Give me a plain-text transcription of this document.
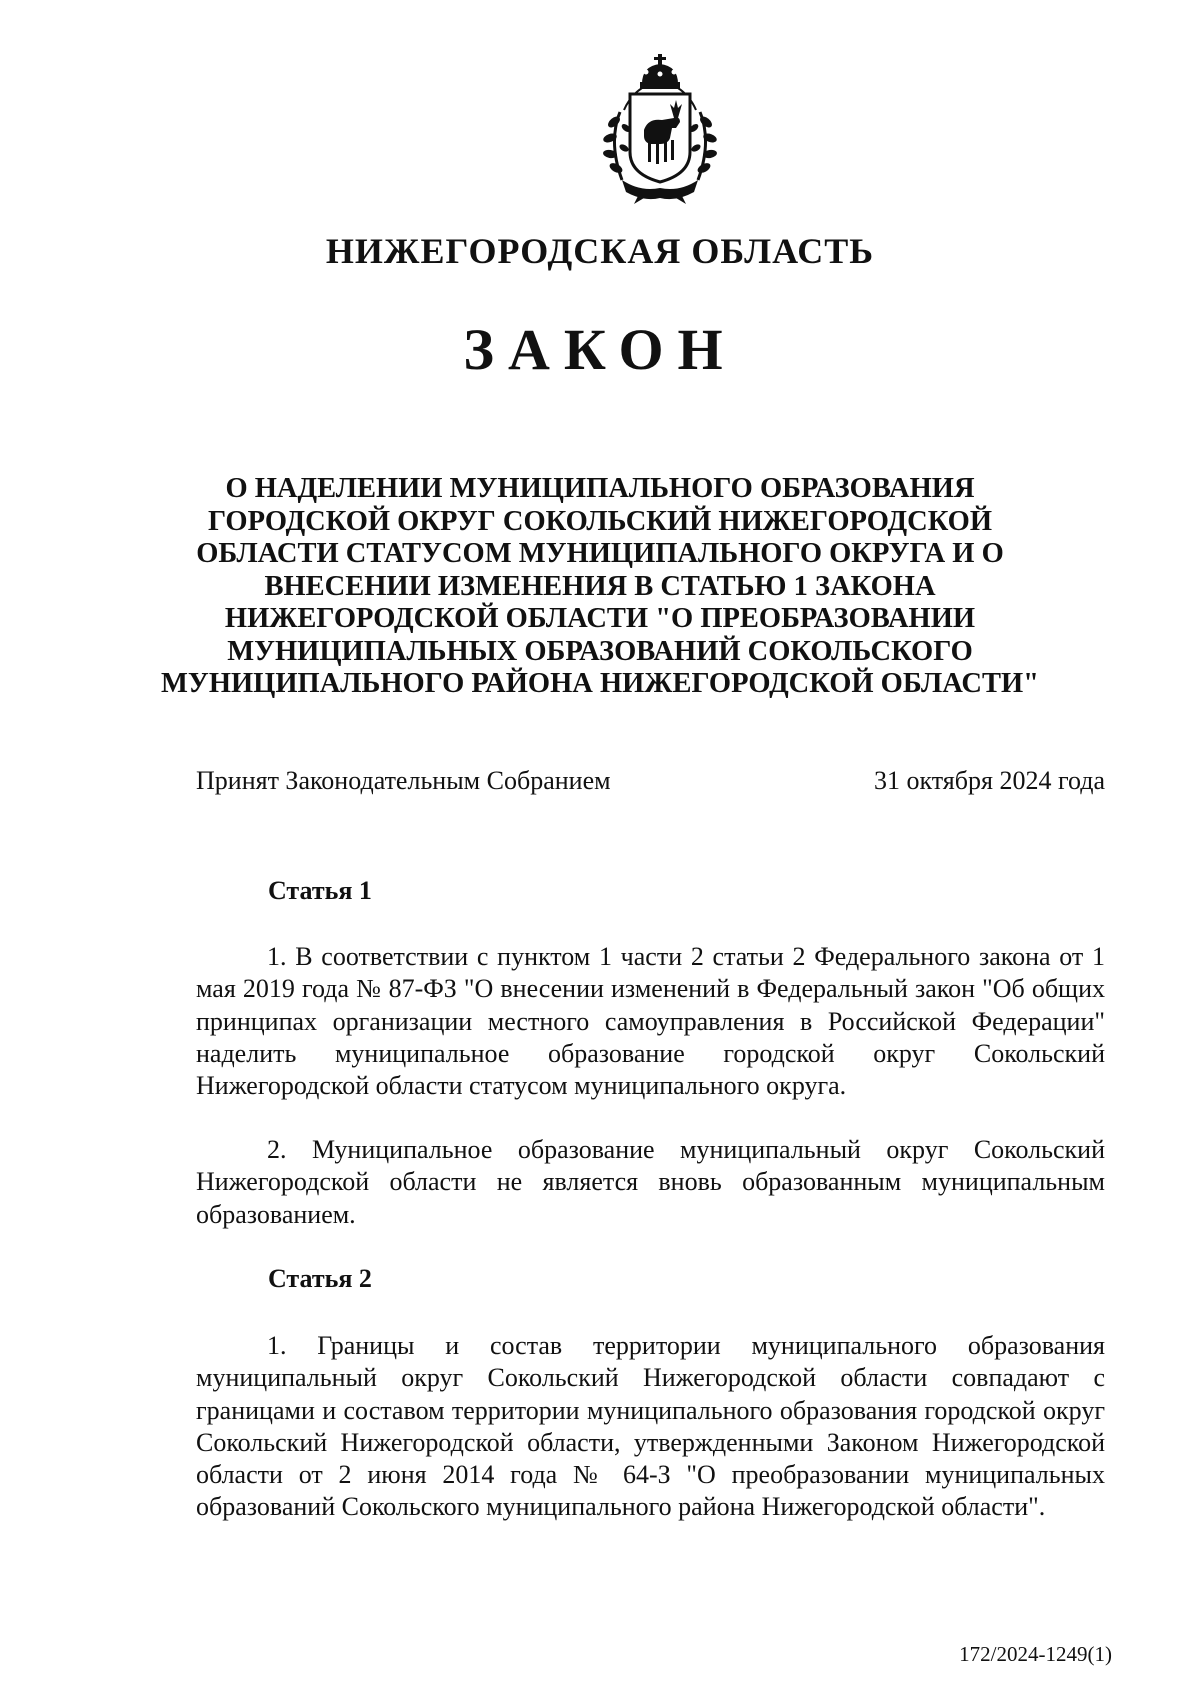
НИЖЕГОРОДСКАЯ ОБЛАСТЬ
ЗАКОН
О НАДЕЛЕНИИ МУНИЦИПАЛЬНОГО ОБРАЗОВАНИЯ ГОРОДСКОЙ ОКРУГ СОКОЛЬСКИЙ НИЖЕГОРОДСКОЙ ОБЛАСТИ СТАТУСОМ МУНИЦИПАЛЬНОГО ОКРУГА И О ВНЕСЕНИИ ИЗМЕНЕНИЯ В СТАТЬЮ 1 ЗАКОНА НИЖЕГОРОДСКОЙ ОБЛАСТИ "О ПРЕОБРАЗОВАНИИ МУНИЦИПАЛЬНЫХ ОБРАЗОВАНИЙ СОКОЛЬСКОГО МУНИЦИПАЛЬНОГО РАЙОНА НИЖЕГОРОДСКОЙ ОБЛАСТИ"
Принят Законодательным Собранием	31 октября 2024 года
Статья 1

1. В соответствии с пунктом 1 части 2 статьи 2 Федерального закона от 1 мая 2019 года № 87-ФЗ "О внесении изменений в Федеральный закон "Об общих принципах организации местного самоуправления в Российской Федерации" наделить муниципальное образование городской округ Сокольский Нижегородской области статусом муниципального округа.

2. Муниципальное образование муниципальный округ Сокольский Нижегородской области не является вновь образованным муниципальным образованием.

Статья 2

1. Границы и состав территории муниципального образования муниципальный округ Сокольский Нижегородской области совпадают с границами и составом территории муниципального образования городской округ Сокольский Нижегородской области, утвержденными Законом Нижегородской области от 2 июня 2014 года № 64-З "О преобразовании муниципальных образований Сокольского муниципального района Нижегородской области".

172/2024-1249(1)
